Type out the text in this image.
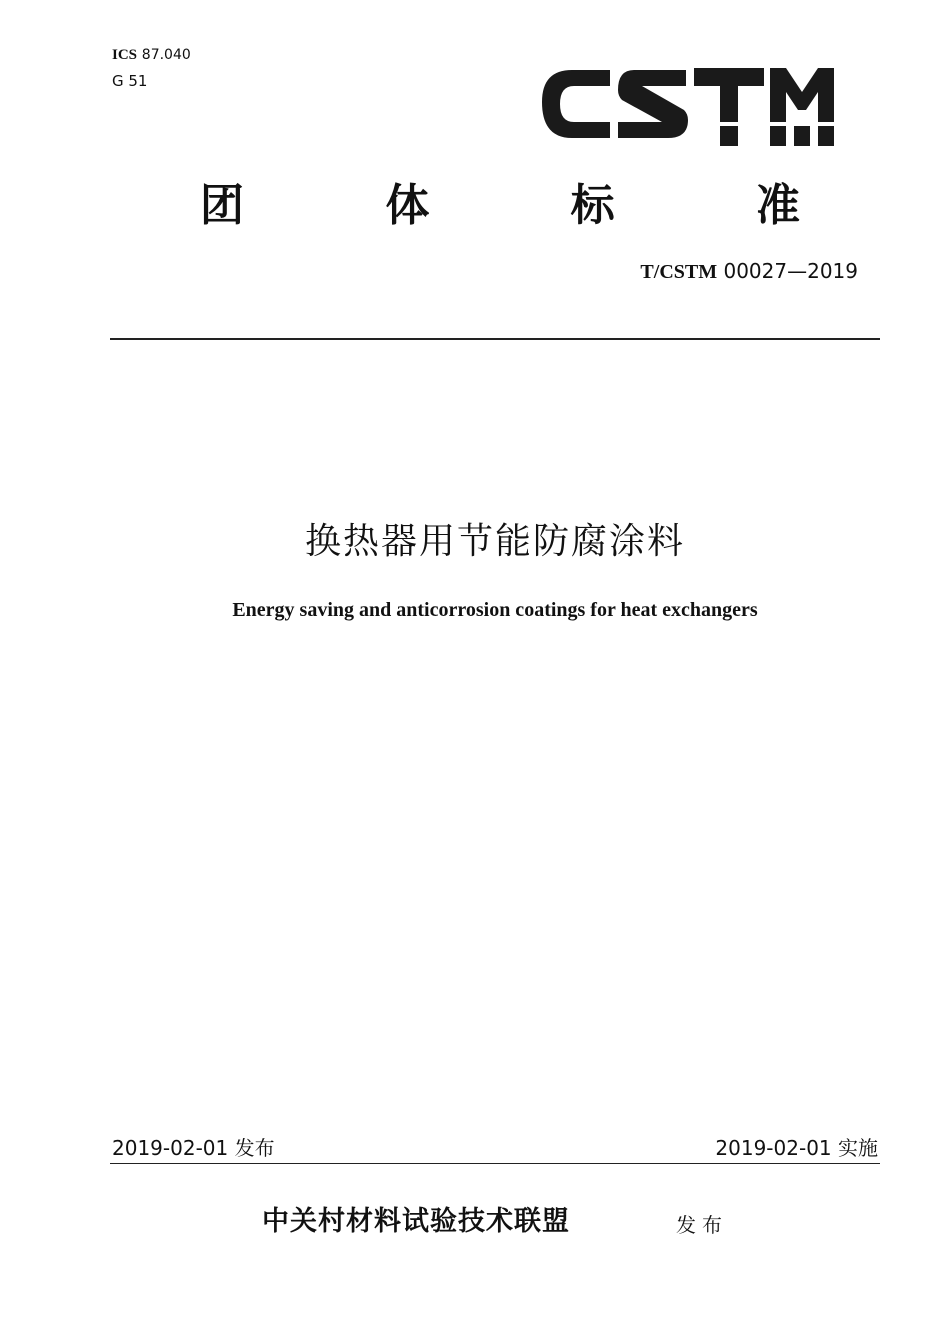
ICS 87.040
G 51
团	体	标	准
T/CSTM 00027—2019
换热器用节能防腐涂料
Energy saving and anticorrosion coatings for heat exchangers
2019-02-01 发布	2019-02-01 实施
中关村材料试验技术联盟	发布
